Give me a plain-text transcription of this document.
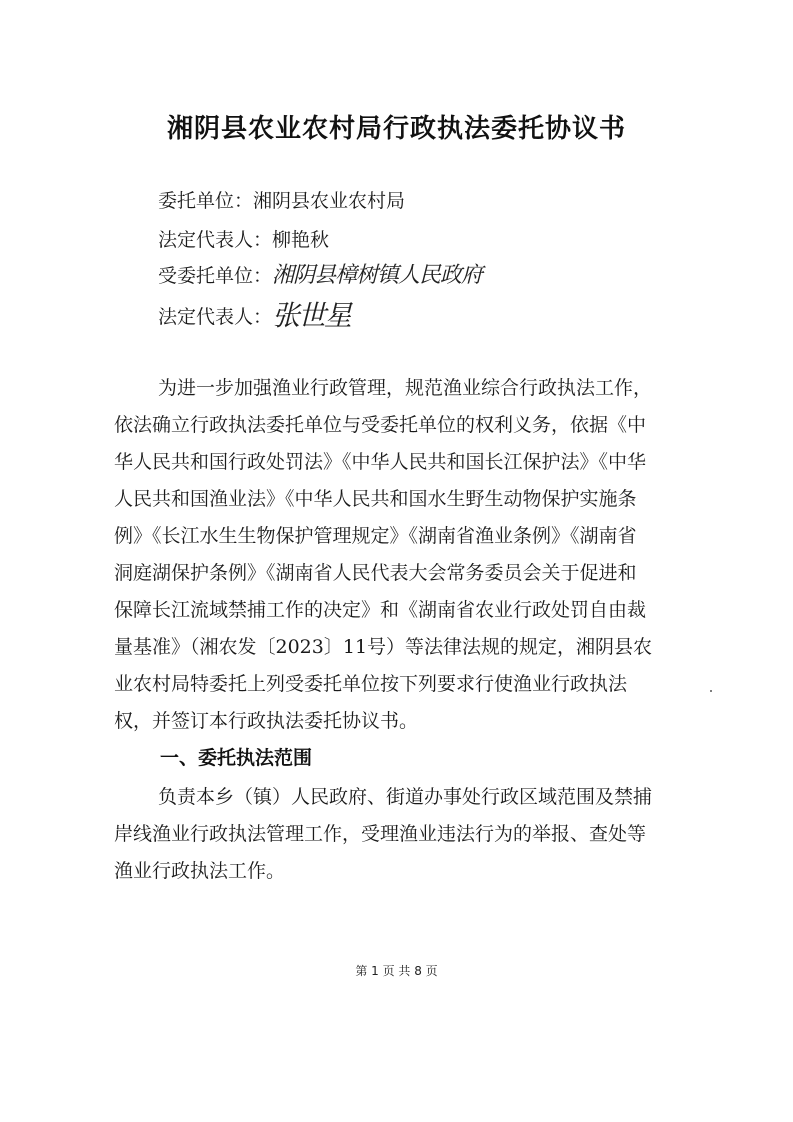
湘阴县农业农村局行政执法委托协议书
委托单位：湘阴县农业农村局
法定代表人：柳艳秋
受委托单位：湘阴县樟树镇人民政府
法定代表人：张世星
为进一步加强渔业行政管理，规范渔业综合行政执法工作，
依法确立行政执法委托单位与受委托单位的权利义务，依据《中
华人民共和国行政处罚法》《中华人民共和国长江保护法》《中华
人民共和国渔业法》《中华人民共和国水生野生动物保护实施条
例》《长江水生生物保护管理规定》《湖南省渔业条例》《湖南省
洞庭湖保护条例》《湖南省人民代表大会常务委员会关于促进和
保障长江流域禁捕工作的决定》和《湖南省农业行政处罚自由裁
量基准》（湘农发〔2023〕11号）等法律法规的规定，湘阴县农
业农村局特委托上列受委托单位按下列要求行使渔业行政执法
权，并签订本行政执法委托协议书。
一、委托执法范围
负责本乡（镇）人民政府、街道办事处行政区域范围及禁捕
岸线渔业行政执法管理工作，受理渔业违法行为的举报、查处等
渔业行政执法工作。
第 1 页 共 8 页
